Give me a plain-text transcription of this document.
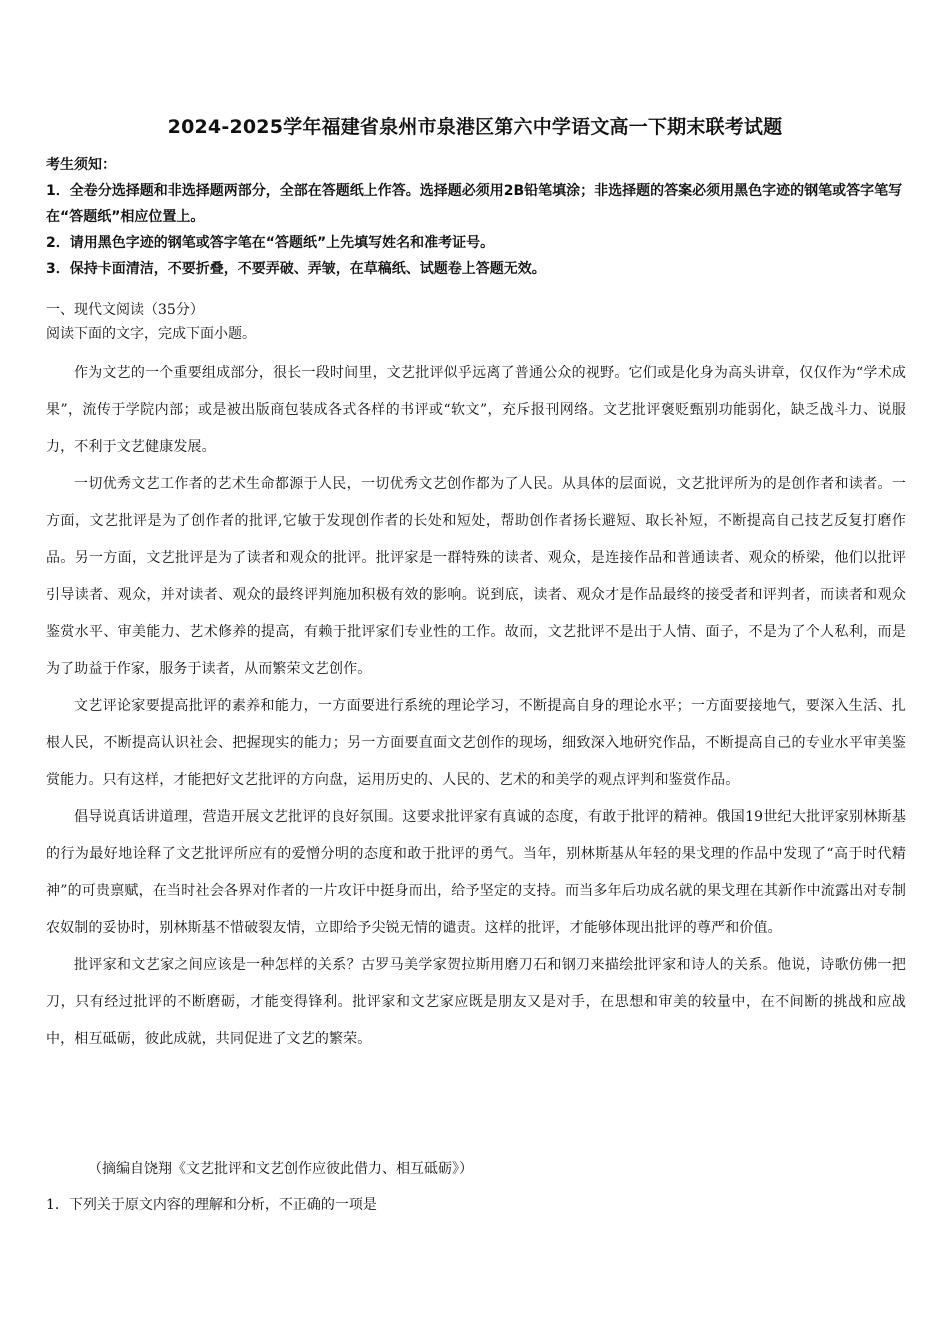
2024-2025学年福建省泉州市泉港区第六中学语文高一下期末联考试题

考生须知：

1．全卷分选择题和非选择题两部分，全部在答题纸上作答。选择题必须用2B铅笔填涂；非选择题的答案必须用黑色字迹的钢笔或答字笔写在“答题纸”相应位置上。

2．请用黑色字迹的钢笔或答字笔在“答题纸”上先填写姓名和准考证号。

3．保持卡面清洁，不要折叠，不要弄破、弄皱，在草稿纸、试题卷上答题无效。

一、现代文阅读（35分）

阅读下面的文字，完成下面小题。

作为文艺的一个重要组成部分，很长一段时间里，文艺批评似乎远离了普通公众的视野。它们或是化身为高头讲章，仅仅作为“学术成果”，流传于学院内部；或是被出版商包装成各式各样的书评或“软文”，充斥报刊网络。文艺批评褒贬甄别功能弱化，缺乏战斗力、说服力，不利于文艺健康发展。

一切优秀文艺工作者的艺术生命都源于人民，一切优秀文艺创作都为了人民。从具体的层面说，文艺批评所为的是创作者和读者。一方面，文艺批评是为了创作者的批评,它敏于发现创作者的长处和短处，帮助创作者扬长避短、取长补短，不断提高自己技艺反复打磨作品。另一方面，文艺批评是为了读者和观众的批评。批评家是一群特殊的读者、观众，是连接作品和普通读者、观众的桥梁，他们以批评引导读者、观众，并对读者、观众的最终评判施加积极有效的影响。说到底，读者、观众才是作品最终的接受者和评判者，而读者和观众鉴赏水平、审美能力、艺术修养的提高，有赖于批评家们专业性的工作。故而，文艺批评不是出于人情、面子，不是为了个人私利，而是为了助益于作家，服务于读者，从而繁荣文艺创作。

文艺评论家要提高批评的素养和能力，一方面要进行系统的理论学习，不断提高自身的理论水平；一方面要接地气，要深入生活、扎根人民，不断提高认识社会、把握现实的能力；另一方面要直面文艺创作的现场，细致深入地研究作品，不断提高自己的专业水平审美鉴赏能力。只有这样，才能把好文艺批评的方向盘，运用历史的、人民的、艺术的和美学的观点评判和鉴赏作品。

倡导说真话讲道理，营造开展文艺批评的良好氛围。这要求批评家有真诚的态度，有敢于批评的精神。俄国19世纪大批评家别林斯基的行为最好地诠释了文艺批评所应有的爱憎分明的态度和敢于批评的勇气。当年，别林斯基从年轻的果戈理的作品中发现了“高于时代精神”的可贵禀赋，在当时社会各界对作者的一片攻讦中挺身而出，给予坚定的支持。而当多年后功成名就的果戈理在其新作中流露出对专制农奴制的妥协时，别林斯基不惜破裂友情，立即给予尖锐无情的谴责。这样的批评，才能够体现出批评的尊严和价值。

批评家和文艺家之间应该是一种怎样的关系？古罗马美学家贺拉斯用磨刀石和钢刀来描绘批评家和诗人的关系。他说，诗歌仿佛一把刀，只有经过批评的不断磨砺，才能变得锋利。批评家和文艺家应既是朋友又是对手，在思想和审美的较量中，在不间断的挑战和应战中，相互砥砺，彼此成就，共同促进了文艺的繁荣。

（摘编自饶翔《文艺批评和文艺创作应彼此借力、相互砥砺》）
1．下列关于原文内容的理解和分析，不正确的一项是
